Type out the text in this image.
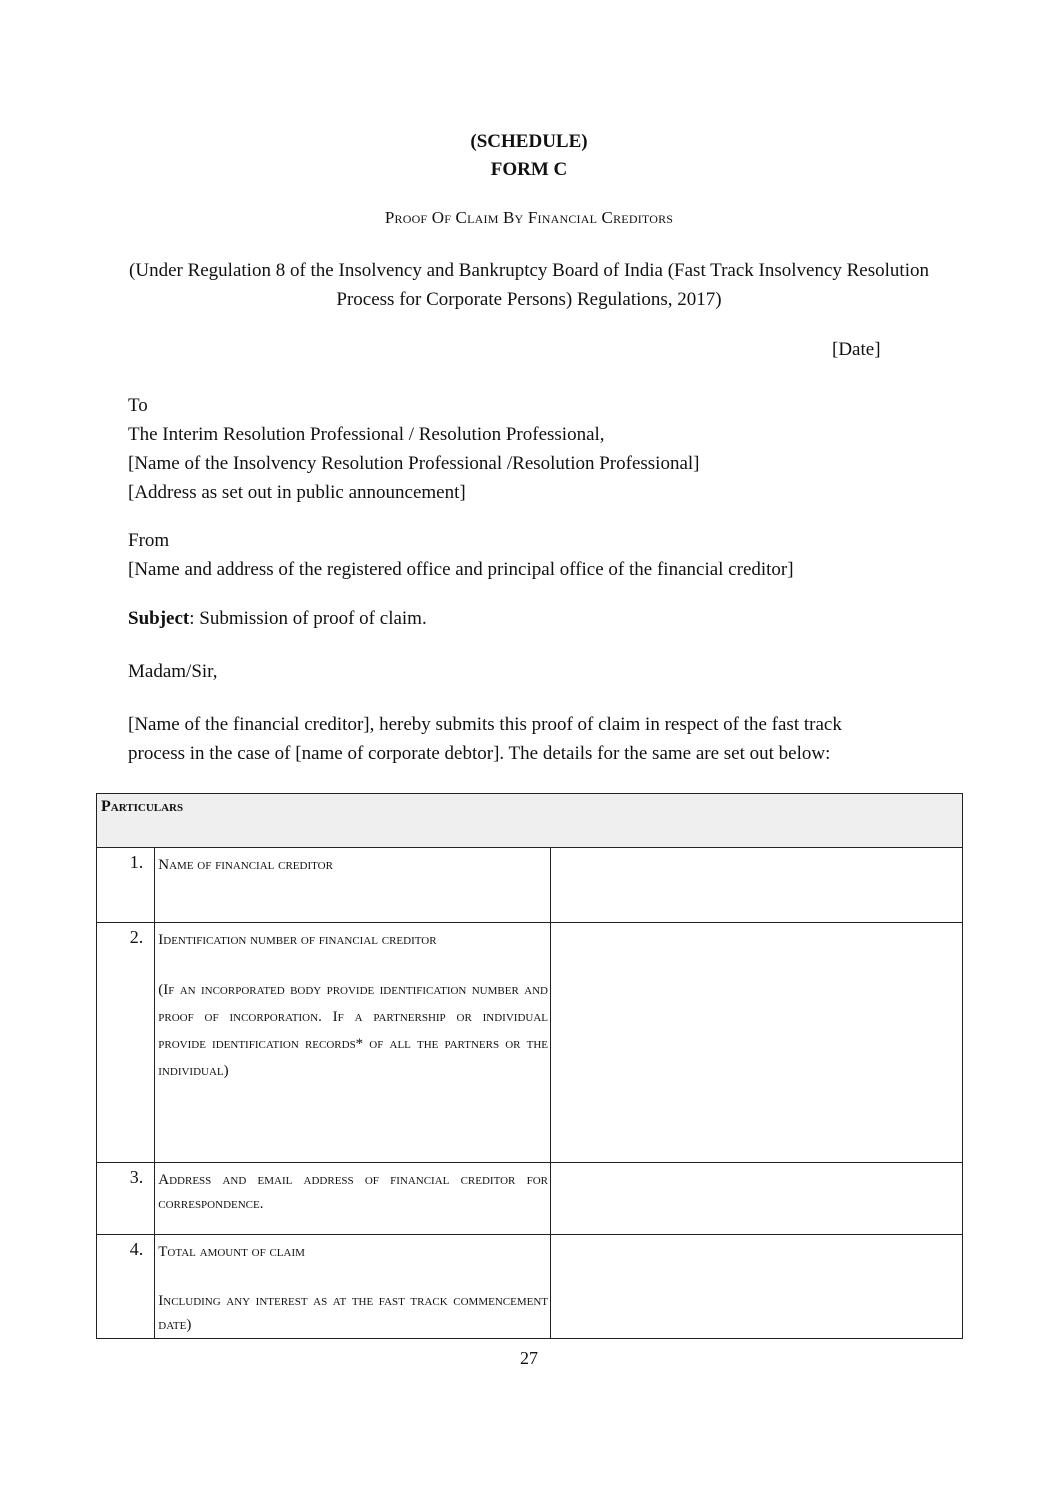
(SCHEDULE)
FORM C
Proof Of Claim By Financial Creditors
(Under Regulation 8 of the Insolvency and Bankruptcy Board of India (Fast Track Insolvency Resolution Process for Corporate Persons) Regulations, 2017)
[Date]
To
The Interim Resolution Professional / Resolution Professional,
[Name of the Insolvency Resolution Professional /Resolution Professional]
[Address as set out in public announcement]
From
[Name and address of the registered office and principal office of the financial creditor]
Subject: Submission of proof of claim.
Madam/Sir,
[Name of the financial creditor], hereby submits this proof of claim in respect of the fast track
process in the case of [name of corporate debtor]. The details for the same are set out below:
Particulars		
1.	Name of financial creditor	

2.	Identification number of financial creditor

(If an incorporated body provide identification number and proof of incorporation. If a partnership or individual provide identification records* of all the partners or the individual)	

3.	Address and email address of financial creditor for correspondence.	

4.	Total amount of claim

Including any interest as at the fast track commencement date)	

27
